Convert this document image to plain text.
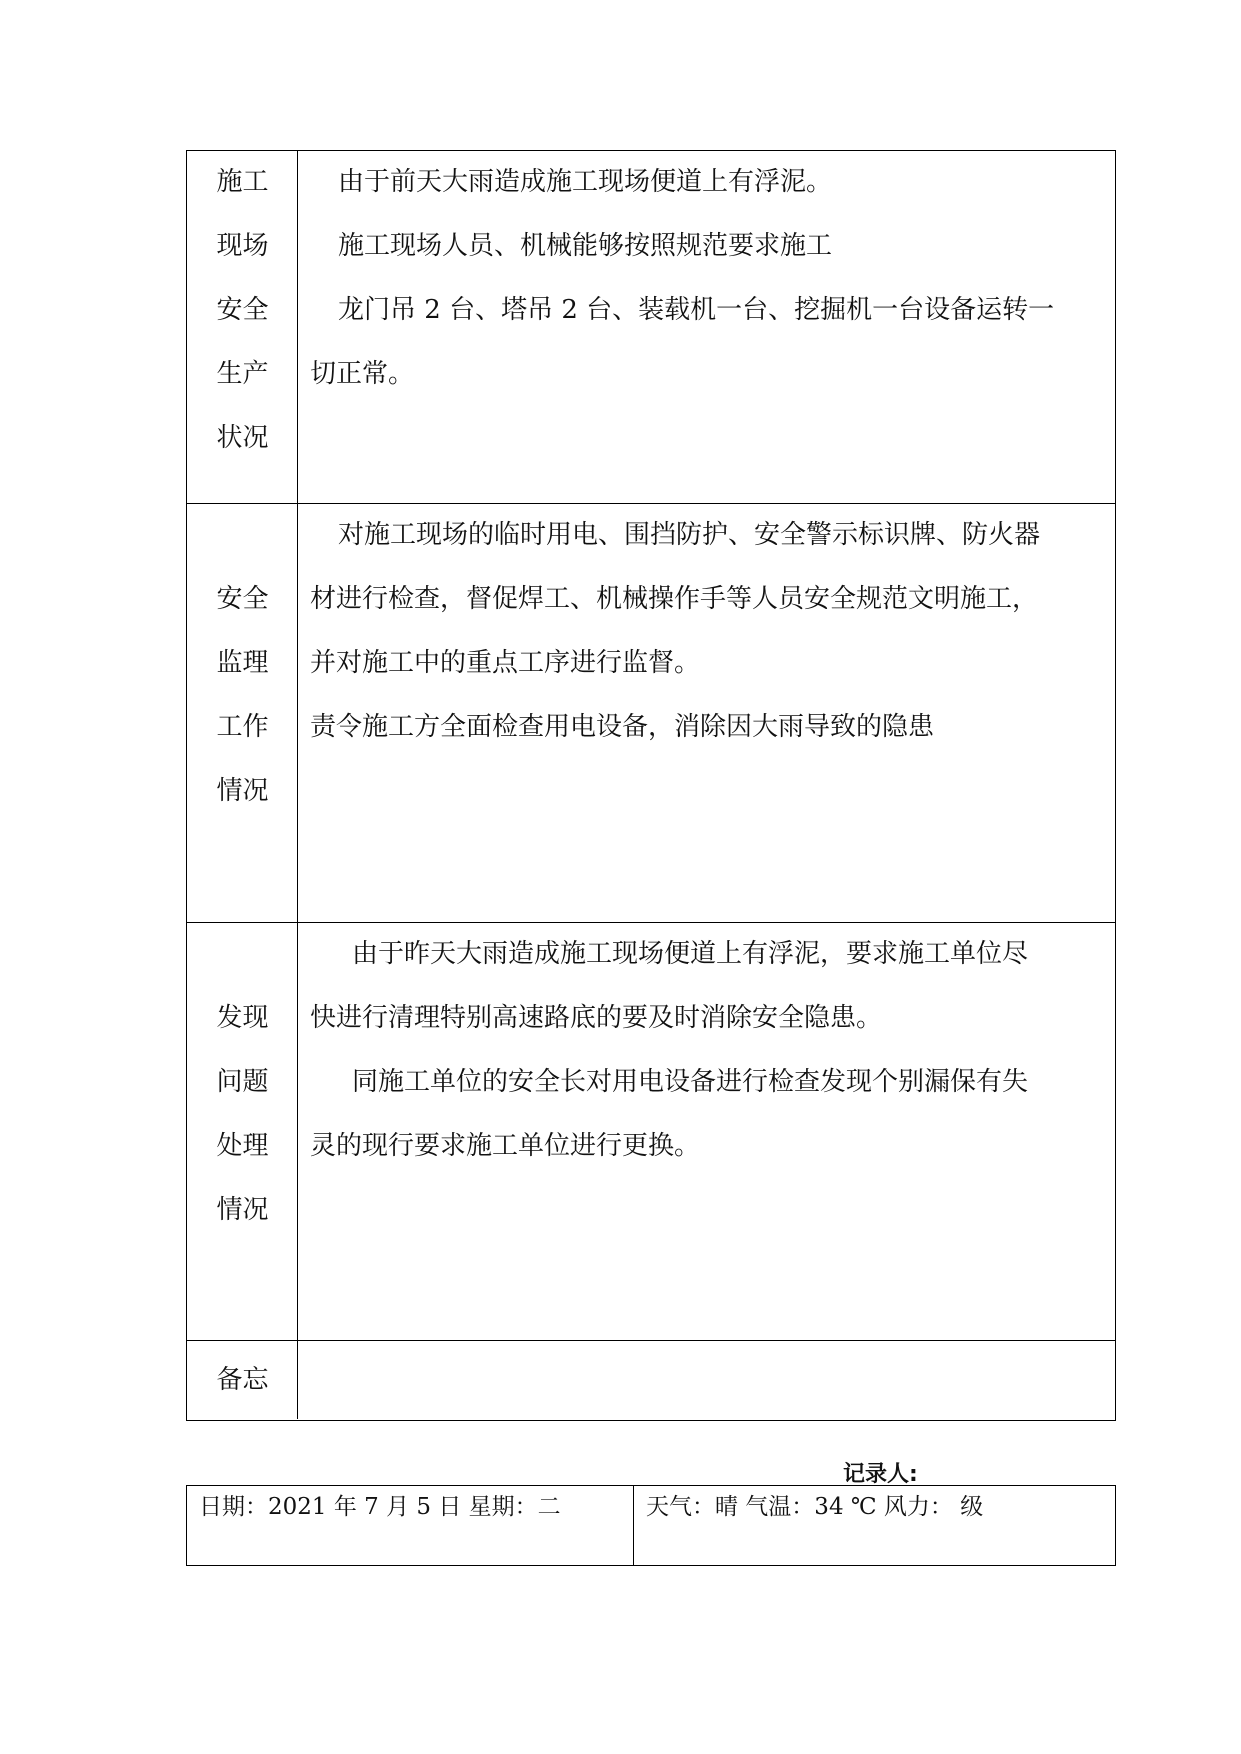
施工
现场
安全
生产
状况
由于前天大雨造成施工现场便道上有浮泥。
施工现场人员、机械能够按照规范要求施工
龙门吊 2 台、塔吊 2 台、装载机一台、挖掘机一台设备运转一
切正常。
安全
监理
工作
情况
对施工现场的临时用电、围挡防护、安全警示标识牌、防火器
材进行检查，督促焊工、机械操作手等人员安全规范文明施工，
并对施工中的重点工序进行监督。
责令施工方全面检查用电设备，消除因大雨导致的隐患
发现
问题
处理
情况
由于昨天大雨造成施工现场便道上有浮泥，要求施工单位尽
快进行清理特别高速路底的要及时消除安全隐患。
同施工单位的安全长对用电设备进行检查发现个别漏保有失
灵的现行要求施工单位进行更换。
备忘
记录人:
日期：2021 年 7 月 5 日 星期：二	天气：晴 气温：34 ℃ 风力： 级
